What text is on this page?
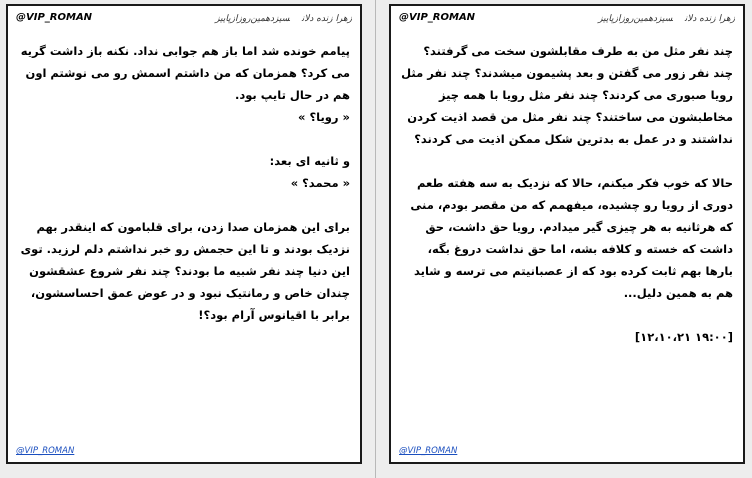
@VIP_ROMAN	زهرا زنده دلانسیزدهمین‌روزازپاییز

پیامم خونده شد اما باز هم جوابی نداد. نکنه باز داشت گریه می کرد؟ همزمان که من داشتم اسمش رو می نوشتم اون هم در حال تایپ بود.

« رویا؟ »

و ثانیه ای بعد:

« محمد؟ »

برای این همزمان صدا زدن، برای قلبامون که اینقدر بهم نزدیک بودند و تا این حجمش رو خبر نداشتم دلم لرزید. توی این دنیا چند نفر شبیه ما بودند؟ چند نفر شروع عشقشون چندان خاص و رمانتیک نبود و در عوض عمق احساسشون، برابر با اقیانوس آرام بود؟!

@VIP_ROMAN
@VIP_ROMAN	زهرا زنده دلانسیزدهمین‌روزازپاییز

چند نفر مثل من به طرف مقابلشون سخت می گرفتند؟ چند نفر زور می گفتن و بعد پشیمون میشدند؟ چند نفر مثل رویا صبوری می کردند؟ چند نفر مثل رویا با همه چیز مخاطبشون می ساختند؟ چند نفر مثل من قصد اذیت کردن نداشتند و در عمل به بدترین شکل ممکن اذیت می کردند؟

حالا که خوب فکر میکنم، حالا که نزدیک به سه هفته طعم دوری از رویا رو چشیده، میفهمم که من مقصر بودم، منی که هرثانیه به هر چیزی گیر میدادم. رویا حق داشت، حق داشت که خسته و کلافه بشه، اما حق نداشت دروغ بگه، بارها بهم ثابت کرده بود که از عصبانیتم می ترسه و شاید هم به همین دلیل...

[۱۹:۰۰ ۱۲،۱۰،۲۱]

@VIP_ROMAN
